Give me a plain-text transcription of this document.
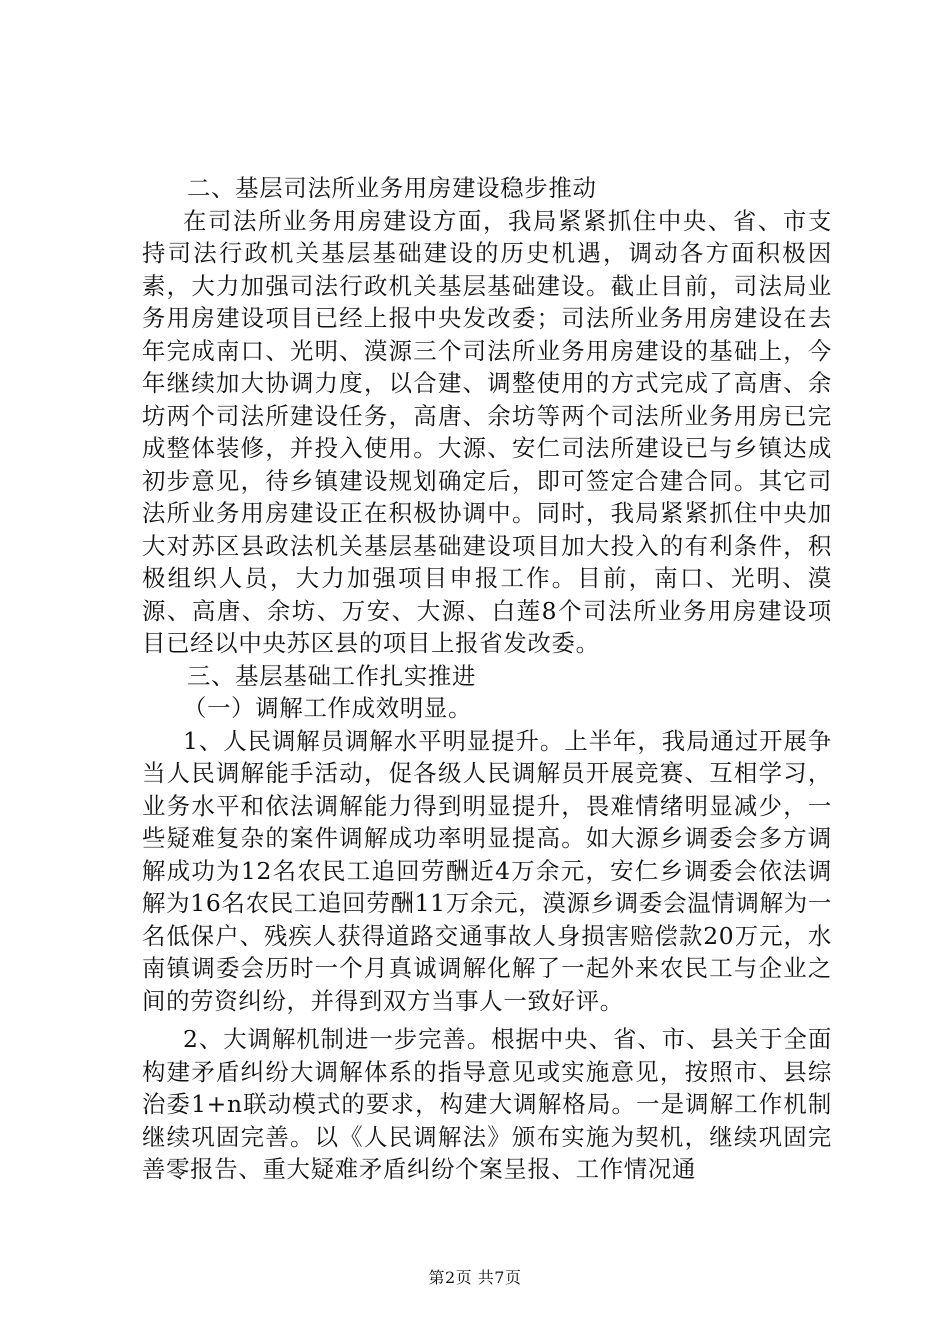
二、基层司法所业务用房建设稳步推动

在司法所业务用房建设方面，我局紧紧抓住中央、省、市支持司法行政机关基层基础建设的历史机遇，调动各方面积极因素，大力加强司法行政机关基层基础建设。截止目前，司法局业务用房建设项目已经上报中央发改委；司法所业务用房建设在去年完成南口、光明、漠源三个司法所业务用房建设的基础上，今年继续加大协调力度，以合建、调整使用的方式完成了高唐、余坊两个司法所建设任务，高唐、余坊等两个司法所业务用房已完成整体装修，并投入使用。大源、安仁司法所建设已与乡镇达成初步意见，待乡镇建设规划确定后，即可签定合建合同。其它司法所业务用房建设正在积极协调中。同时，我局紧紧抓住中央加大对苏区县政法机关基层基础建设项目加大投入的有利条件，积极组织人员，大力加强项目申报工作。目前，南口、光明、漠源、高唐、余坊、万安、大源、白莲8个司法所业务用房建设项目已经以中央苏区县的项目上报省发改委。

三、基层基础工作扎实推进

（一）调解工作成效明显。

1、人民调解员调解水平明显提升。上半年，我局通过开展争当人民调解能手活动，促各级人民调解员开展竞赛、互相学习，业务水平和依法调解能力得到明显提升，畏难情绪明显减少，一些疑难复杂的案件调解成功率明显提高。如大源乡调委会多方调解成功为12名农民工追回劳酬近4万余元，安仁乡调委会依法调解为16名农民工追回劳酬11万余元，漠源乡调委会温情调解为一名低保户、残疾人获得道路交通事故人身损害赔偿款20万元，水南镇调委会历时一个月真诚调解化解了一起外来农民工与企业之间的劳资纠纷，并得到双方当事人一致好评。

2、大调解机制进一步完善。根据中央、省、市、县关于全面构建矛盾纠纷大调解体系的指导意见或实施意见，按照市、县综治委1+n联动模式的要求，构建大调解格局。一是调解工作机制继续巩固完善。以《人民调解法》颁布实施为契机，继续巩固完善零报告、重大疑难矛盾纠纷个案呈报、工作情况通

第2页 共7页
